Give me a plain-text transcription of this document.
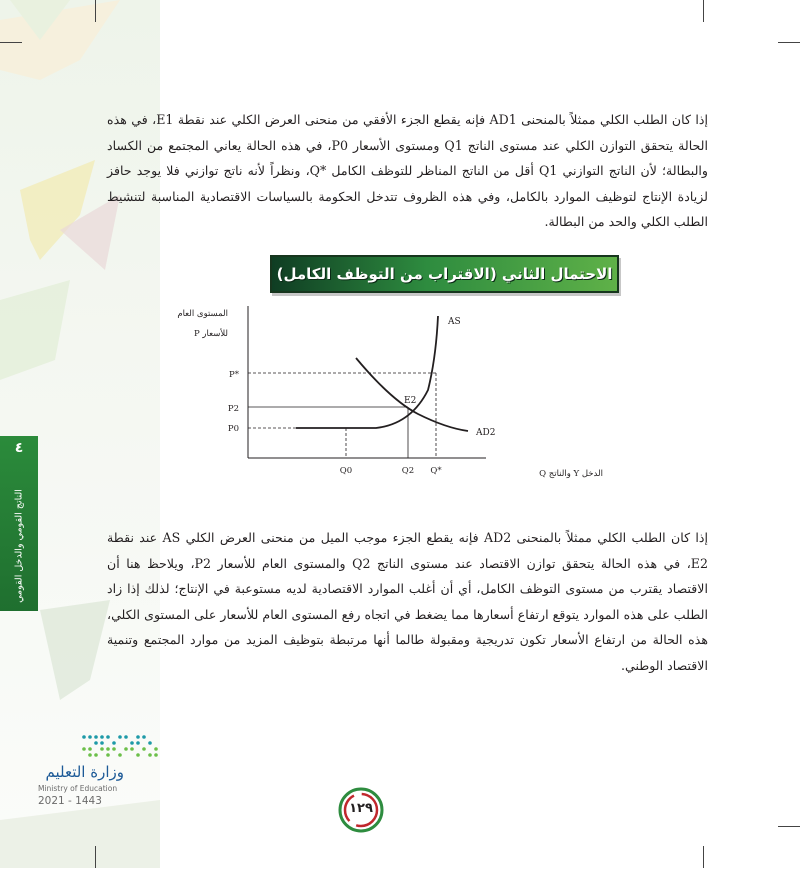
إذا كان الطلب الكلي ممثلاً بالمنحنى AD1 فإنه يقطع الجزء الأفقي من منحنى العرض الكلي عند نقطة E1، في هذه الحالة يتحقق التوازن الكلي عند مستوى الناتج Q1 ومستوى الأسعار P0، في هذه الحالة يعاني المجتمع من الكساد والبطالة؛ لأن الناتج التوازني Q1 أقل من الناتج المناظر للتوظف الكامل *Q، ونظراً لأنه ناتج توازني فلا يوجد حافز لزيادة الإنتاج لتوظيف الموارد بالكامل، وفي هذه الظروف تتدخل الحكومة بالسياسات الاقتصادية المناسبة لتنشيط الطلب الكلي والحد من البطالة.
الاحتمال الثاني (الاقتراب من التوظف الكامل)
المستوى العام
للأسعار P
الدخل Y والناتج Q
P*
P2
P0
Q0	Q2 Q*
AS
AD2
E2
إذا كان الطلب الكلي ممثلاً بالمنحنى AD2 فإنه يقطع الجزء موجب الميل من منحنى العرض الكلي AS عند نقطة E2، في هذه الحالة يتحقق توازن الاقتصاد عند مستوى الناتج Q2 والمستوى العام للأسعار P2، ويلاحظ هنا أن الاقتصاد يقترب من مستوى التوظف الكامل، أي أن أغلب الموارد الاقتصادية لديه مستوعبة في الإنتاج؛ لذلك إذا زاد الطلب على هذه الموارد يتوقع ارتفاع أسعارها مما يضغط في اتجاه رفع المستوى العام للأسعار على المستوى الكلي، هذه الحالة من ارتفاع الأسعار تكون تدريجية ومقبولة طالما أنها مرتبطة بتوظيف المزيد من موارد المجتمع وتنمية الاقتصاد الوطني.
٤
الناتج القومي والدخل القومي
وزارة التعليم
Ministry of Education
2021 - 1443	١٢٩
